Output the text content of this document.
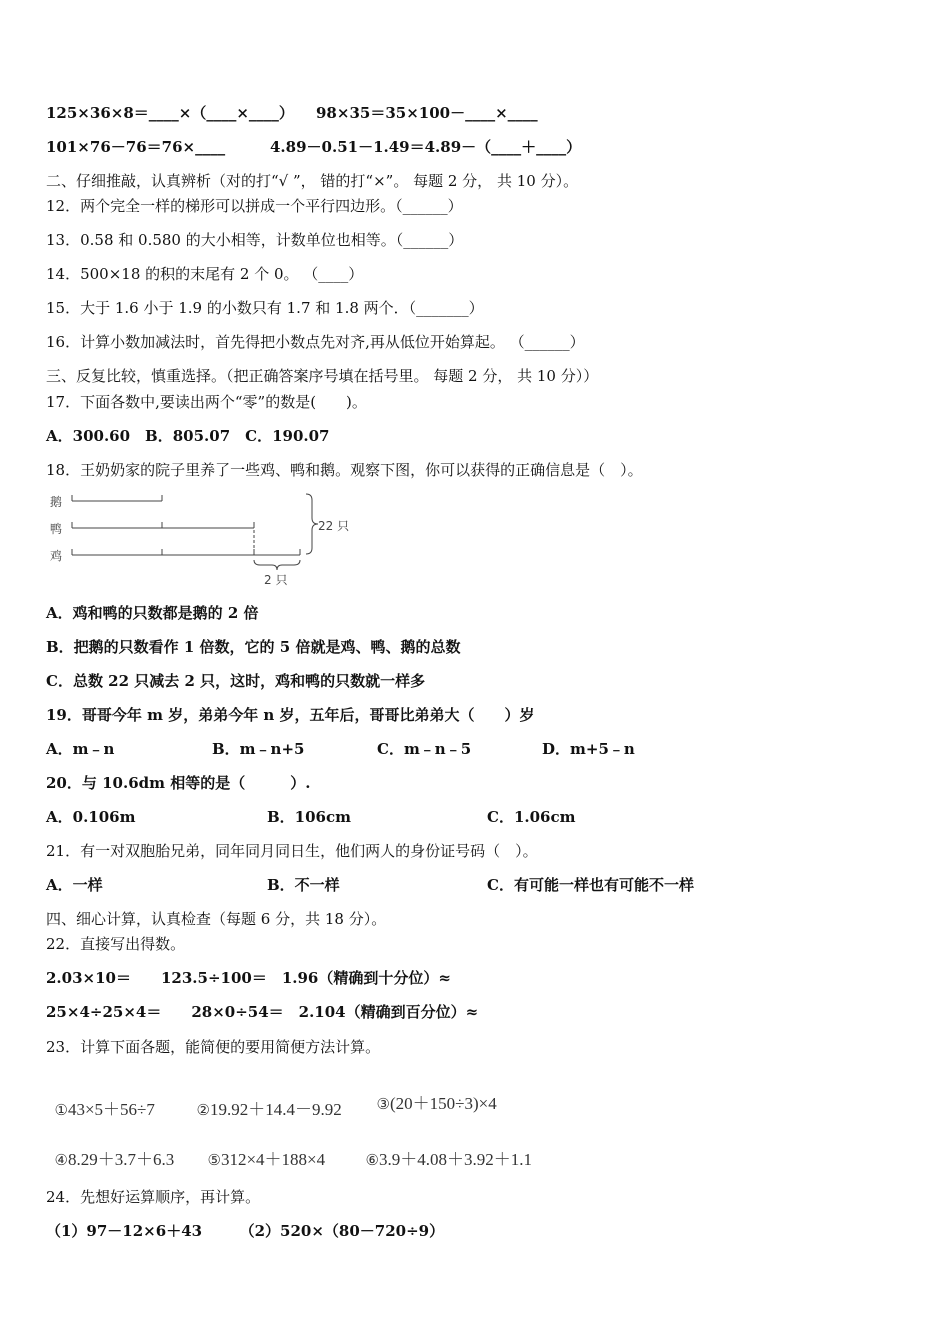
125×36×8＝____×（____×____） 98×35＝35×100－____×____
101×76－76＝76×____	4.89－0.51－1.49＝4.89－（____＋____）
二、仔细推敲，认真辨析（对的打“√ ”， 错的打“×”。 每题 2 分， 共 10 分）。
12．两个完全一样的梯形可以拼成一个平行四边形。（______）
13．0.58 和 0.580 的大小相等，计数单位也相等。（______）
14．500×18 的积的末尾有 2 个 0。 （____）
15．大于 1.6 小于 1.9 的小数只有 1.7 和 1.8 两个．（_______）
16．计算小数加减法时，首先得把小数点先对齐,再从低位开始算起。 （______）
三、反复比较，慎重选择。（把正确答案序号填在括号里。 每题 2 分， 共 10 分））
17．下面各数中,要读出两个“零”的数是(　　)。
A．300.60　B．805.07　C．190.07
18．王奶奶家的院子里养了一些鸡、鸭和鹅。观察下图，你可以获得的正确信息是（　）。
鹅
鸭
鸡
22 只
2 只
A．鸡和鸭的只数都是鹅的 2 倍
B．把鹅的只数看作 1 倍数，它的 5 倍就是鸡、鸭、鹅的总数
C．总数 22 只减去 2 只，这时，鸡和鸭的只数就一样多
19．哥哥今年 m 岁，弟弟今年 n 岁，五年后，哥哥比弟弟大（　　）岁
A．m﹣n	B．m﹣n+5	C．m﹣n﹣5	D．m+5﹣n
20．与 10.6dm 相等的是（　　　）.
A．0.106m	B．106cm	C．1.06cm
21．有一对双胞胎兄弟，同年同月同日生，他们两人的身份证号码（　）。
A．一样	B．不一样	C．有可能一样也有可能不一样
四、细心计算，认真检查（每题 6 分，共 18 分）。
22．直接写出得数。
2.03×10＝　　123.5÷100＝　1.96（精确到十分位）≈
25×4÷25×4＝　　28×0÷54＝　2.104（精确到百分位）≈
23．计算下面各题，能简便的要用简便方法计算。

①43×5＋56÷7	②19.92＋14.4－9.92	③(20＋150÷3)×4

④8.29＋3.7＋6.3	⑤312×4＋188×4	⑥3.9＋4.08＋3.92＋1.1

24．先想好运算顺序，再计算。
（1）97－12×6＋43　　　（2）520×（80－720÷9）
